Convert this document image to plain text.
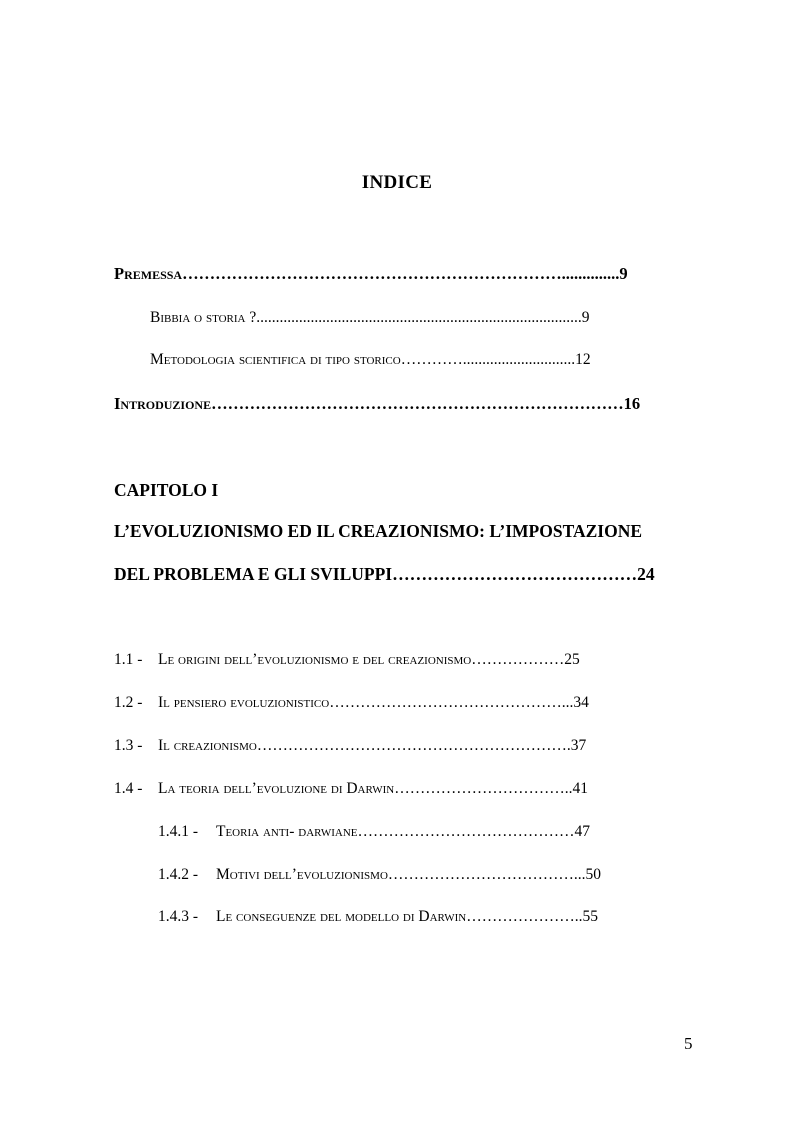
INDICE
Premessa……………………………………………………………..............9
Bibbia o storia ?....................................................................................9
Metodologia scientifica di tipo storico………….............................12
Introduzione…………………………………………………………………16
CAPITOLO I
L’EVOLUZIONISMO ED IL CREAZIONISMO: L’IMPOSTAZIONE
DEL PROBLEMA E GLI SVILUPPI……………………………………24
1.1 - Le origini dell’evoluzionismo e del creazionismo………………25
1.2 - Il pensiero evoluzionistico………………………………………...34
1.3 - Il creazionismo…………………………………………………….37
1.4 - La teoria dell’evoluzione di Darwin……………………………..41
1.4.1 - Teoria anti- darwiane……………………………………47
1.4.2 - Motivi dell’evoluzionismo………………………………...50
1.4.3 - Le conseguenze del modello di Darwin…………………..55
5
